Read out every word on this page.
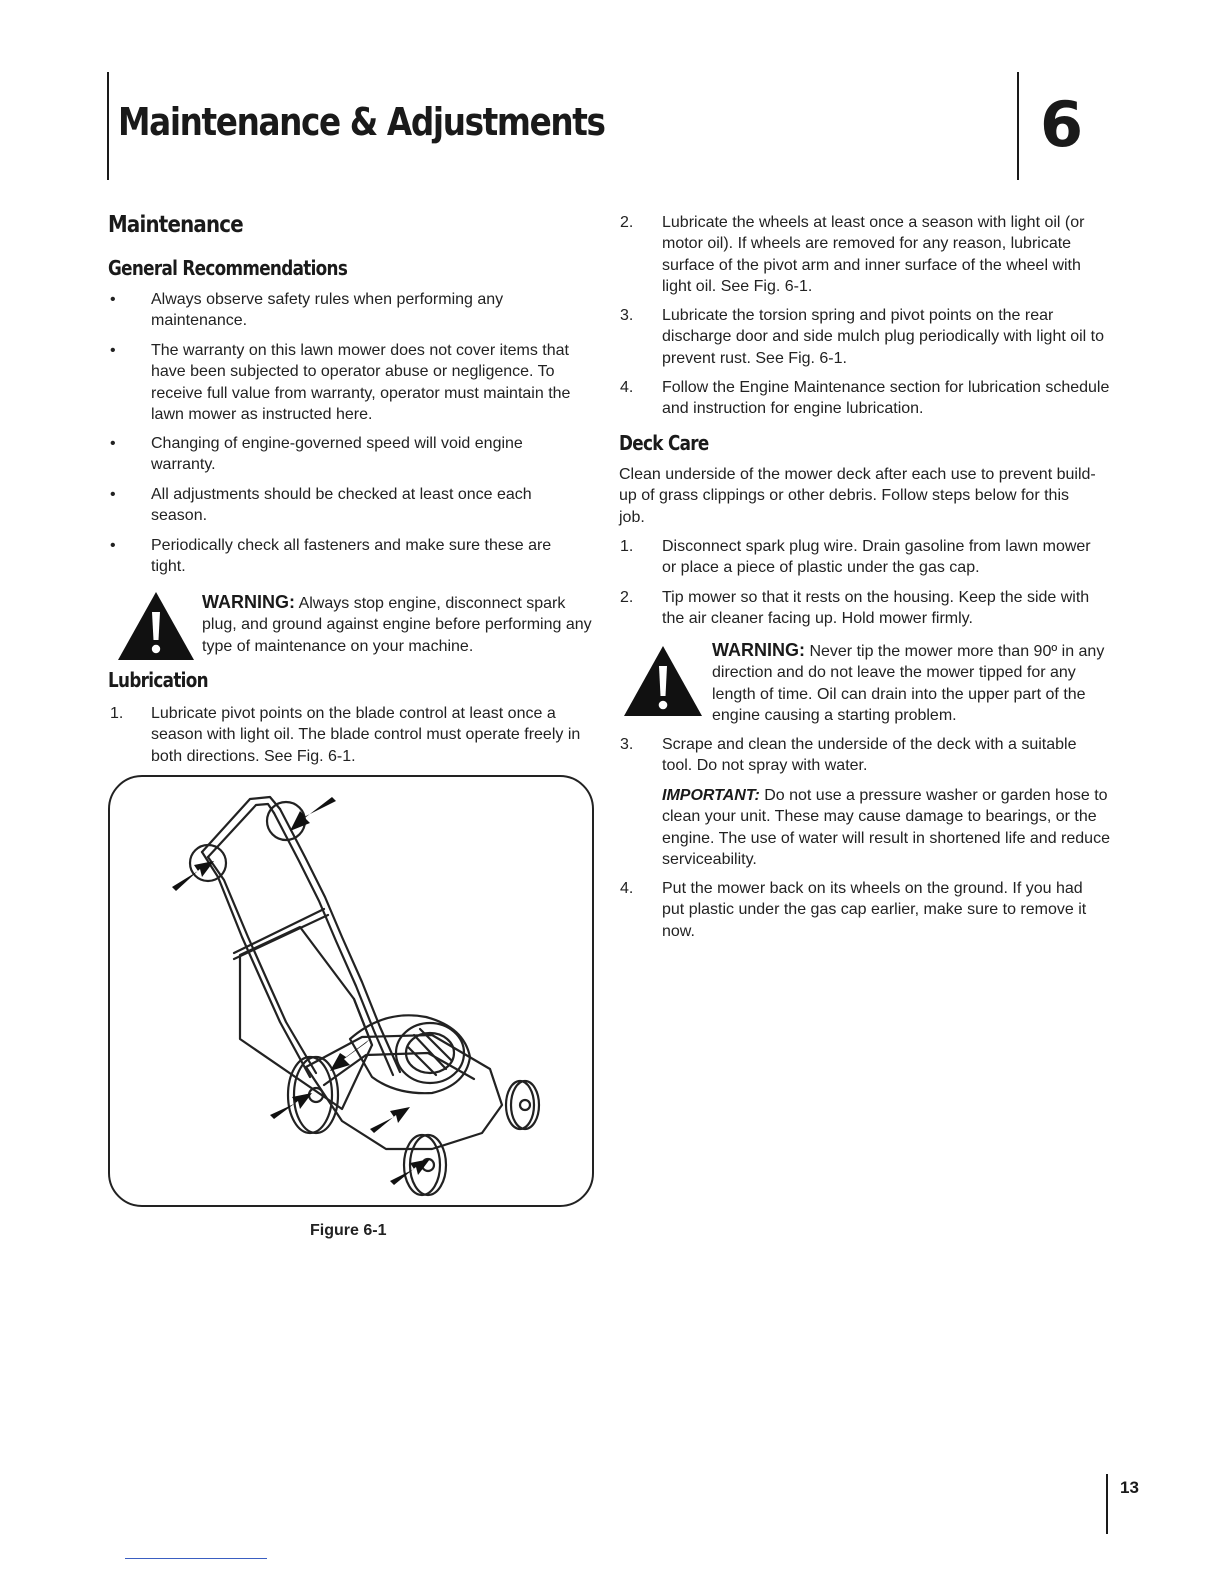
Maintenance & Adjustments	6
Maintenance
General Recommendations
•	Always observe safety rules when performing any maintenance.
•	The warranty on this lawn mower does not cover items that have been subjected to operator abuse or negligence. To receive full value from warranty, operator must maintain the lawn mower as instructed here.
•	Changing of engine-governed speed will void engine warranty.
•	All adjustments should be checked at least once each season.
•	Periodically check all fasteners and make sure these are tight.
WARNING: Always stop engine, disconnect spark plug, and ground against engine before performing any type of maintenance on your machine.
Lubrication
1.	Lubricate pivot points on the blade control at least once a season with light oil. The blade control must operate freely in both directions. See Fig. 6-1.
Figure 6-1
2.	Lubricate the wheels at least once a season with light oil (or motor oil). If wheels are removed for any reason, lubricate surface of the pivot arm and inner surface of the wheel with light oil. See Fig. 6-1.
3.	Lubricate the torsion spring and pivot points on the rear discharge door and side mulch plug periodically with light oil to prevent rust. See Fig. 6-1.
4.	Follow the Engine Maintenance section for lubrication schedule and instruction for engine lubrication.
Deck Care
Clean underside of the mower deck after each use to prevent build-up of grass clippings or other debris. Follow steps below for this job.
1.	Disconnect spark plug wire. Drain gasoline from lawn mower or place a piece of plastic under the gas cap.
2.	Tip mower so that it rests on the housing. Keep the side with the air cleaner facing up. Hold mower firmly.
WARNING: Never tip the mower more than 90º in any direction and do not leave the mower tipped for any length of time. Oil can drain into the upper part of the engine causing a starting problem.
3.	Scrape and clean the underside of the deck with a suitable tool. Do not spray with water.
IMPORTANT: Do not use a pressure washer or garden hose to clean your unit. These may cause damage to bearings, or the engine. The use of water will result in shortened life and reduce serviceability.
4.	Put the mower back on its wheels on the ground. If you had put plastic under the gas cap earlier, make sure to remove it now.
13
